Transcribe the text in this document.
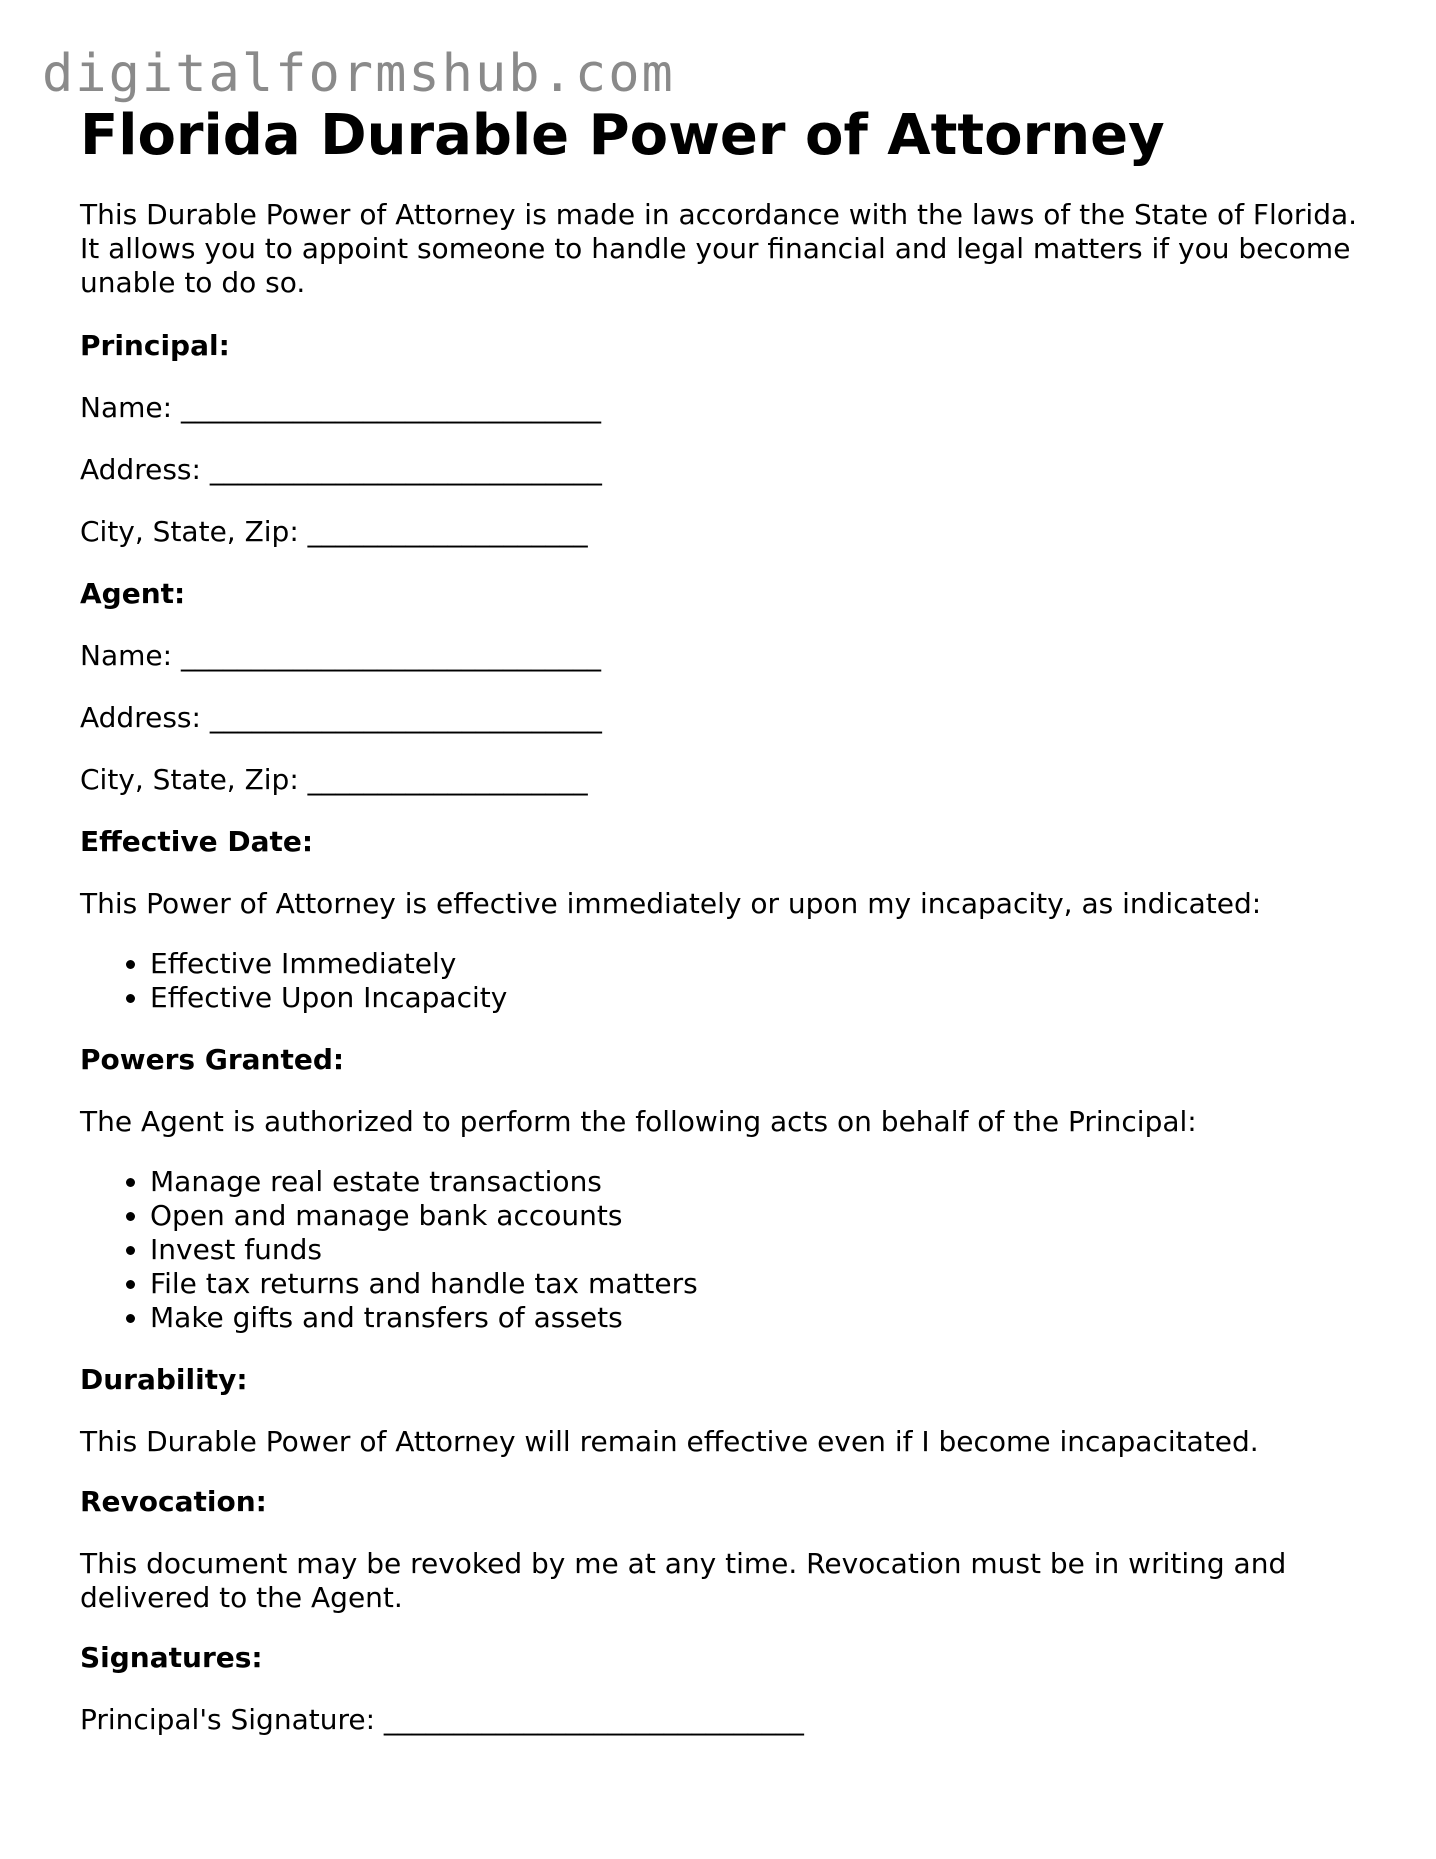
digitalformshub.com
Florida Durable Power of Attorney

This Durable Power of Attorney is made in accordance with the laws of the State of Florida. It allows you to appoint someone to handle your financial and legal matters if you become unable to do so.

Principal:
Name: ______________________________
Address: ____________________________
City, State, Zip: ____________________
Agent:
Name: ______________________________
Address: ____________________________
City, State, Zip: ____________________
Effective Date:

This Power of Attorney is effective immediately or upon my incapacity, as indicated:

• Effective Immediately
• Effective Upon Incapacity
Powers Granted:

The Agent is authorized to perform the following acts on behalf of the Principal:

• Manage real estate transactions
• Open and manage bank accounts
• Invest funds
• File tax returns and handle tax matters
• Make gifts and transfers of assets
Durability:

This Durable Power of Attorney will remain effective even if I become incapacitated.

Revocation:

This document may be revoked by me at any time. Revocation must be in writing and delivered to the Agent.

Signatures:
Principal's Signature: ______________________________
